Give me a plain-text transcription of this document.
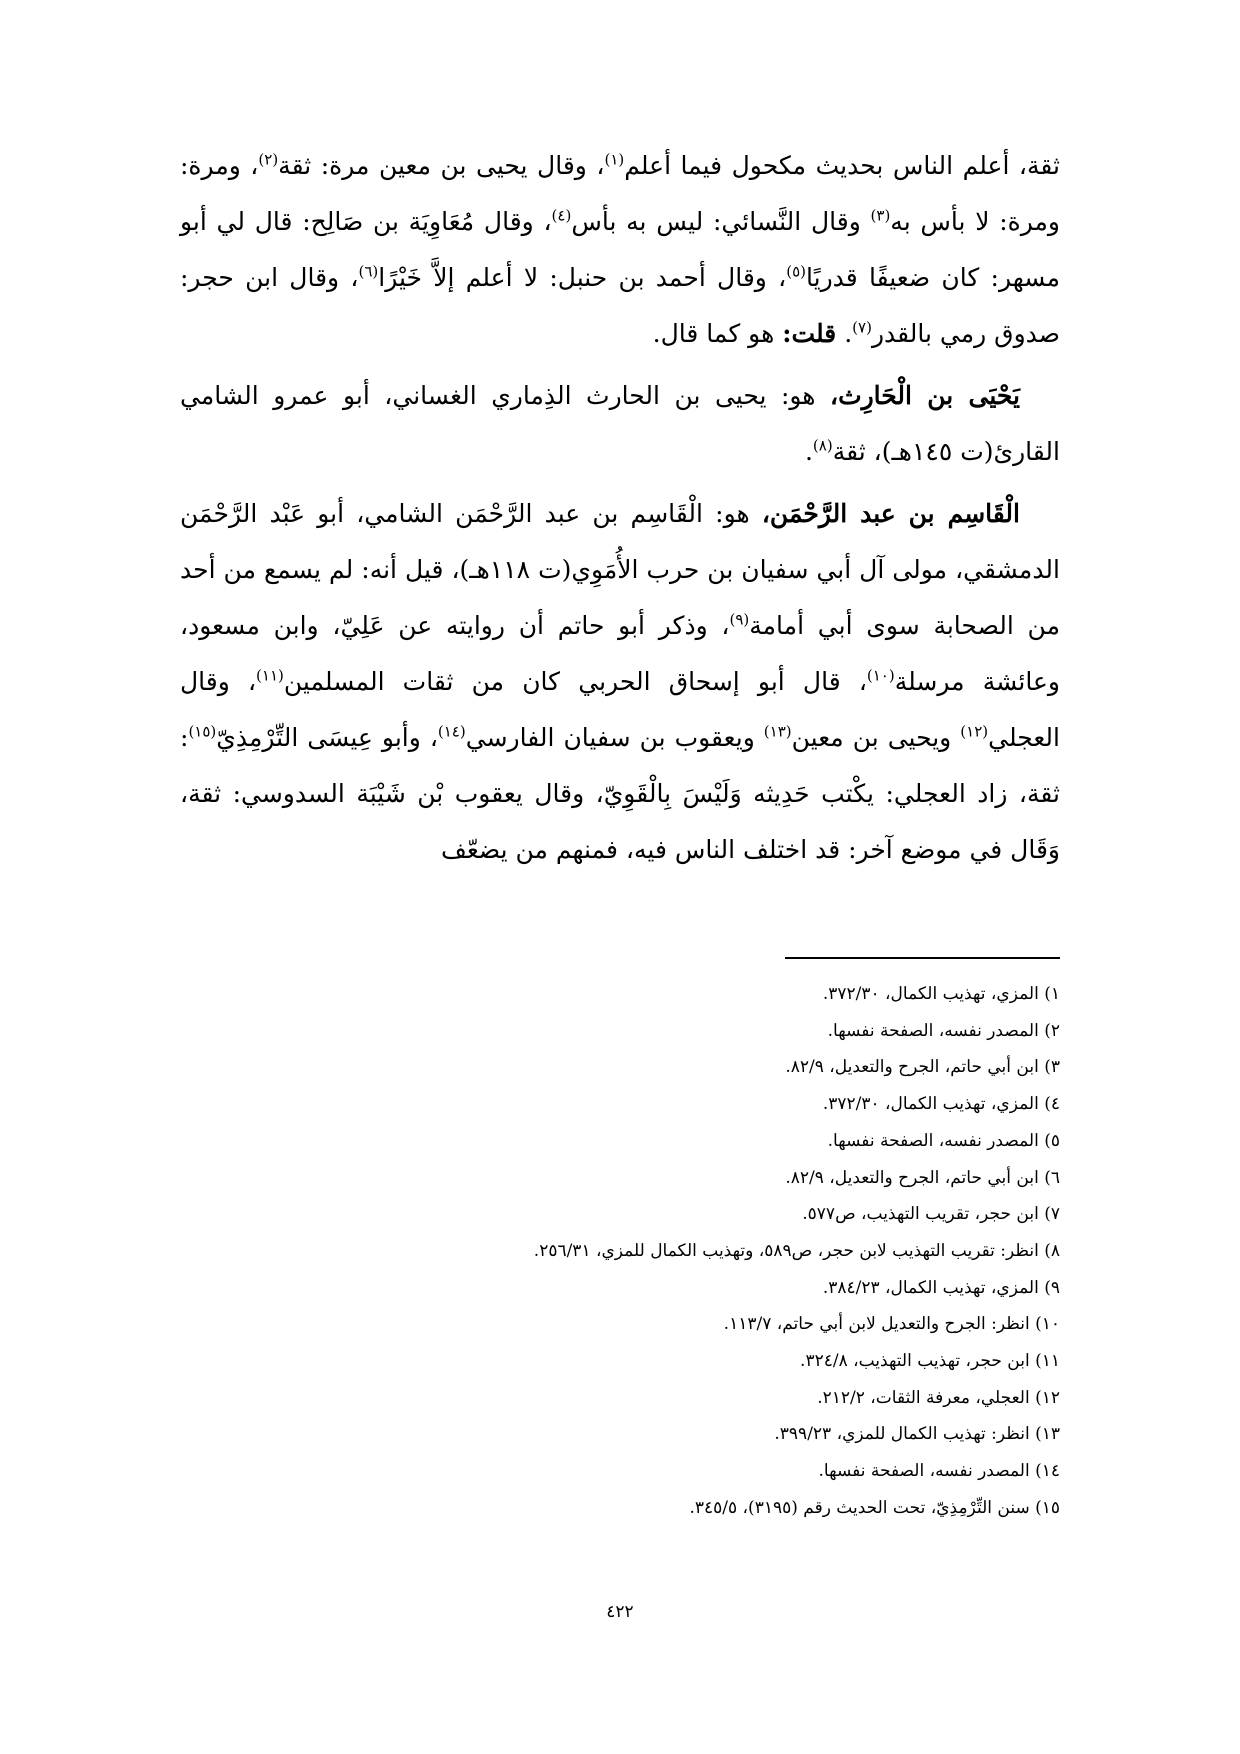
ثقة، أعلم الناس بحديث مكحول فيما أعلم$^{(١)}$، وقال يحيى بن معين مرة: ثقة$^{(٢)}$، ومرة: ومرة: لا بأس به$^{(٣)}$ وقال النَّسائي: ليس به بأس$^{(٤)}$، وقال مُعَاوِيَة بن صَالِح: قال لي أبو مسهر: كان ضعيفًا قدريًا$^{(٥)}$، وقال أحمد بن حنبل: لا أعلم إلاَّ خَيْرًا$^{(٦)}$، وقال ابن حجر: صدوق رمي بالقدر$^{(٧)}$. قلت: هو كما قال.

يَحْيَى بن الْحَارِث، هو: يحيى بن الحارث الذِماري الغساني، أبو عمرو الشامي القارئ(ت ١٤٥هـ)، ثقة$^{(٨)}$.

الْقَاسِم بن عبد الرَّحْمَن، هو: الْقَاسِم بن عبد الرَّحْمَن الشامي، أبو عَبْد الرَّحْمَن الدمشقي، مولى آل أبي سفيان بن حرب الأُمَوِي(ت ١١٨هـ)، قيل أنه: لم يسمع من أحد من الصحابة سوى أبي أمامة$^{(٩)}$، وذكر أبو حاتم أن روايته عن عَلِيّ، وابن مسعود، وعائشة مرسلة$^{(١٠)}$، قال أبو إسحاق الحربي كان من ثقات المسلمين$^{(١١)}$، وقال العجلي$^{(١٢)}$ ويحيى بن معين$^{(١٣)}$ ويعقوب بن سفيان الفارسي$^{(١٤)}$، وأبو عِيسَى التِّرْمِذِيّ$^{(١٥)}$: ثقة، زاد العجلي: يكْتب حَدِيثه وَلَيْسَ بِالْقَوِيّ، وقال يعقوب بْن شَيْبَة السدوسي: ثقة، وَقَال في موضع آخر: قد اختلف الناس فيه، فمنهم من يضعّف

١) المزي، تهذيب الكمال، ٣٧٢/٣٠.
٢) المصدر نفسه، الصفحة نفسها.
٣) ابن أبي حاتم، الجرح والتعديل، ٨٢/٩.
٤) المزي، تهذيب الكمال، ٣٧٢/٣٠.
٥) المصدر نفسه، الصفحة نفسها.
٦) ابن أبي حاتم، الجرح والتعديل، ٨٢/٩.
٧) ابن حجر، تقريب التهذيب، ص٥٧٧.
٨) انظر: تقريب التهذيب لابن حجر، ص٥٨٩، وتهذيب الكمال للمزي، ٢٥٦/٣١.
٩) المزي، تهذيب الكمال، ٣٨٤/٢٣.
١٠) انظر: الجرح والتعديل لابن أبي حاتم، ١١٣/٧.
١١) ابن حجر، تهذيب التهذيب، ٣٢٤/٨.
١٢) العجلي، معرفة الثقات، ٢١٢/٢.
١٣) انظر: تهذيب الكمال للمزي، ٣٩٩/٢٣.
١٤) المصدر نفسه، الصفحة نفسها.
١٥) سنن التِّرْمِذِيّ، تحت الحديث رقم (٣١٩٥)، ٣٤٥/٥.
٤٢٢
